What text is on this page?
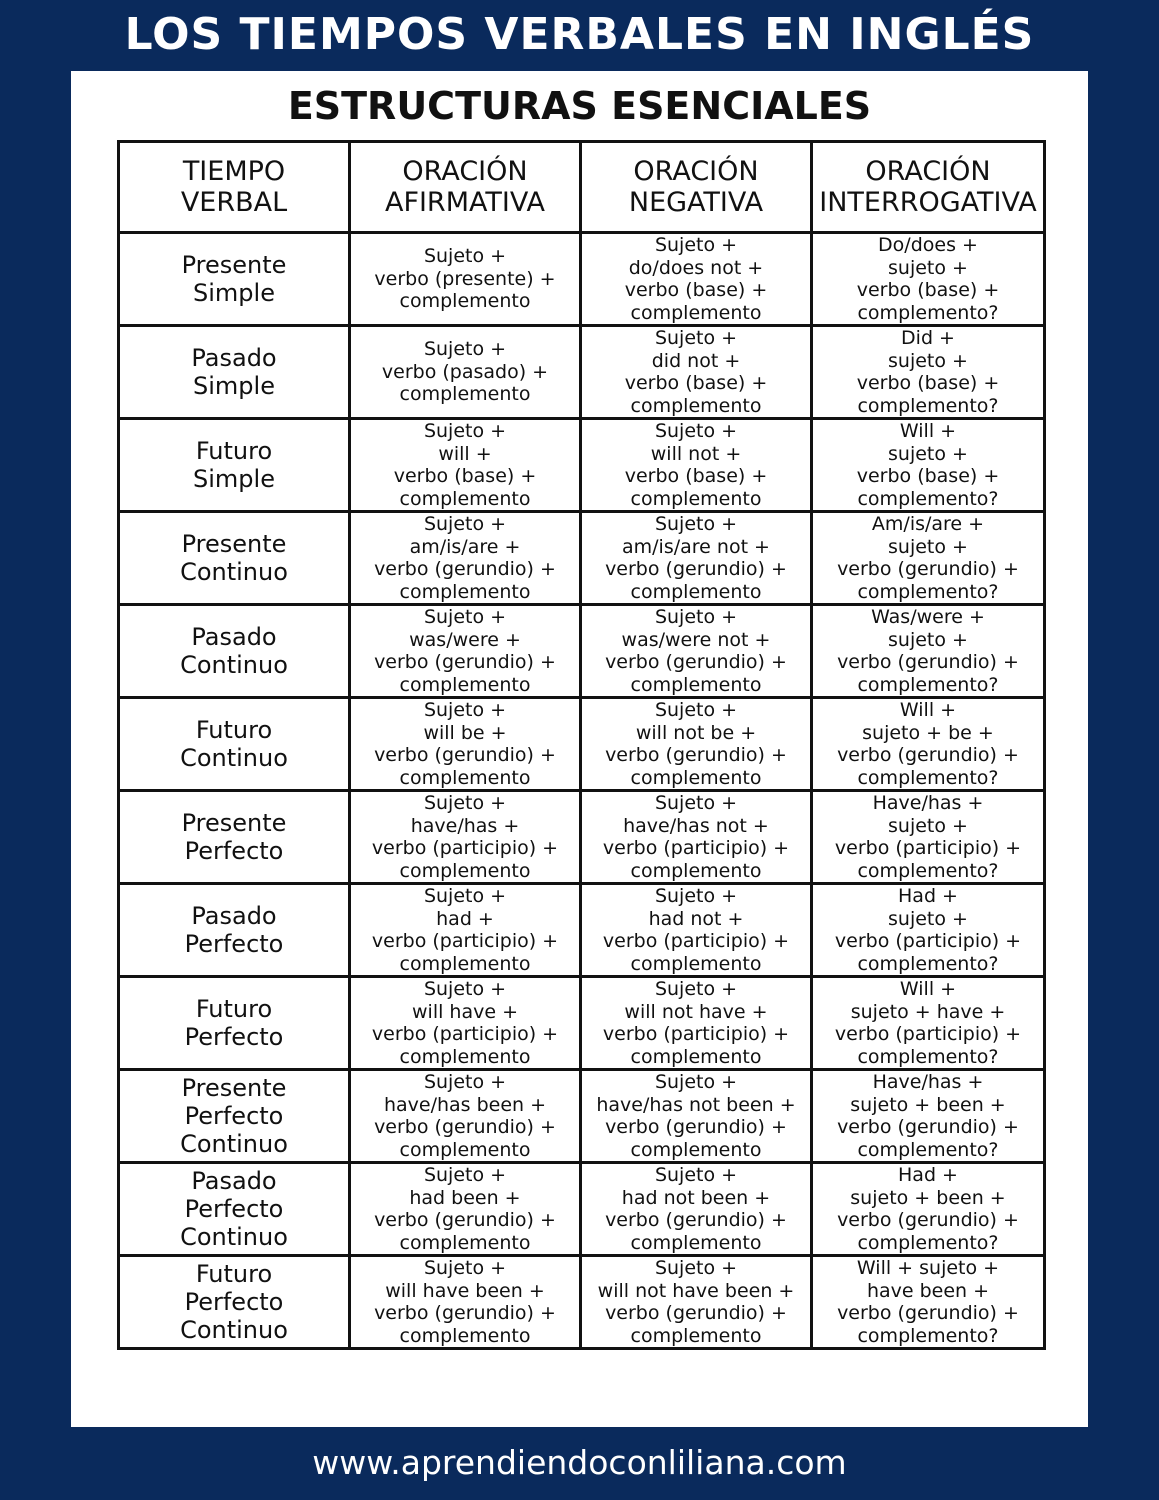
LOS TIEMPOS VERBALES EN INGLÉS
ESTRUCTURAS ESENCIALES
TIEMPO
VERBAL	ORACIÓN
AFIRMATIVA	ORACIÓN
NEGATIVA	ORACIÓN
INTERROGATIVA

Presente
Simple	Sujeto +
verbo (presente) +
complemento	Sujeto +
do/does not +
verbo (base) +
complemento	Do/does +
sujeto +
verbo (base) +
complemento?

Pasado
Simple	Sujeto +
verbo (pasado) +
complemento	Sujeto +
did not +
verbo (base) +
complemento	Did +
sujeto +
verbo (base) +
complemento?

Futuro
Simple	Sujeto +
will +
verbo (base) +
complemento	Sujeto +
will not +
verbo (base) +
complemento	Will +
sujeto +
verbo (base) +
complemento?

Presente
Continuo	Sujeto +
am/is/are +
verbo (gerundio) +
complemento	Sujeto +
am/is/are not +
verbo (gerundio) +
complemento	Am/is/are +
sujeto +
verbo (gerundio) +
complemento?

Pasado
Continuo	Sujeto +
was/were +
verbo (gerundio) +
complemento	Sujeto +
was/were not +
verbo (gerundio) +
complemento	Was/were +
sujeto +
verbo (gerundio) +
complemento?

Futuro
Continuo	Sujeto +
will be +
verbo (gerundio) +
complemento	Sujeto +
will not be +
verbo (gerundio) +
complemento	Will +
sujeto + be +
verbo (gerundio) +
complemento?

Presente
Perfecto	Sujeto +
have/has +
verbo (participio) +
complemento	Sujeto +
have/has not +
verbo (participio) +
complemento	Have/has +
sujeto +
verbo (participio) +
complemento?

Pasado
Perfecto	Sujeto +
had +
verbo (participio) +
complemento	Sujeto +
had not +
verbo (participio) +
complemento	Had +
sujeto +
verbo (participio) +
complemento?

Futuro
Perfecto	Sujeto +
will have +
verbo (participio) +
complemento	Sujeto +
will not have +
verbo (participio) +
complemento	Will +
sujeto + have +
verbo (participio) +
complemento?

Presente
Perfecto
Continuo	Sujeto +
have/has been +
verbo (gerundio) +
complemento	Sujeto +
have/has not been +
verbo (gerundio) +
complemento	Have/has +
sujeto + been +
verbo (gerundio) +
complemento?

Pasado
Perfecto
Continuo	Sujeto +
had been +
verbo (gerundio) +
complemento	Sujeto +
had not been +
verbo (gerundio) +
complemento	Had +
sujeto + been +
verbo (gerundio) +
complemento?

Futuro
Perfecto
Continuo	Sujeto +
will have been +
verbo (gerundio) +
complemento	Sujeto +
will not have been +
verbo (gerundio) +
complemento	Will + sujeto +
have been +
verbo (gerundio) +
complemento?
www.aprendiendoconliliana.com
